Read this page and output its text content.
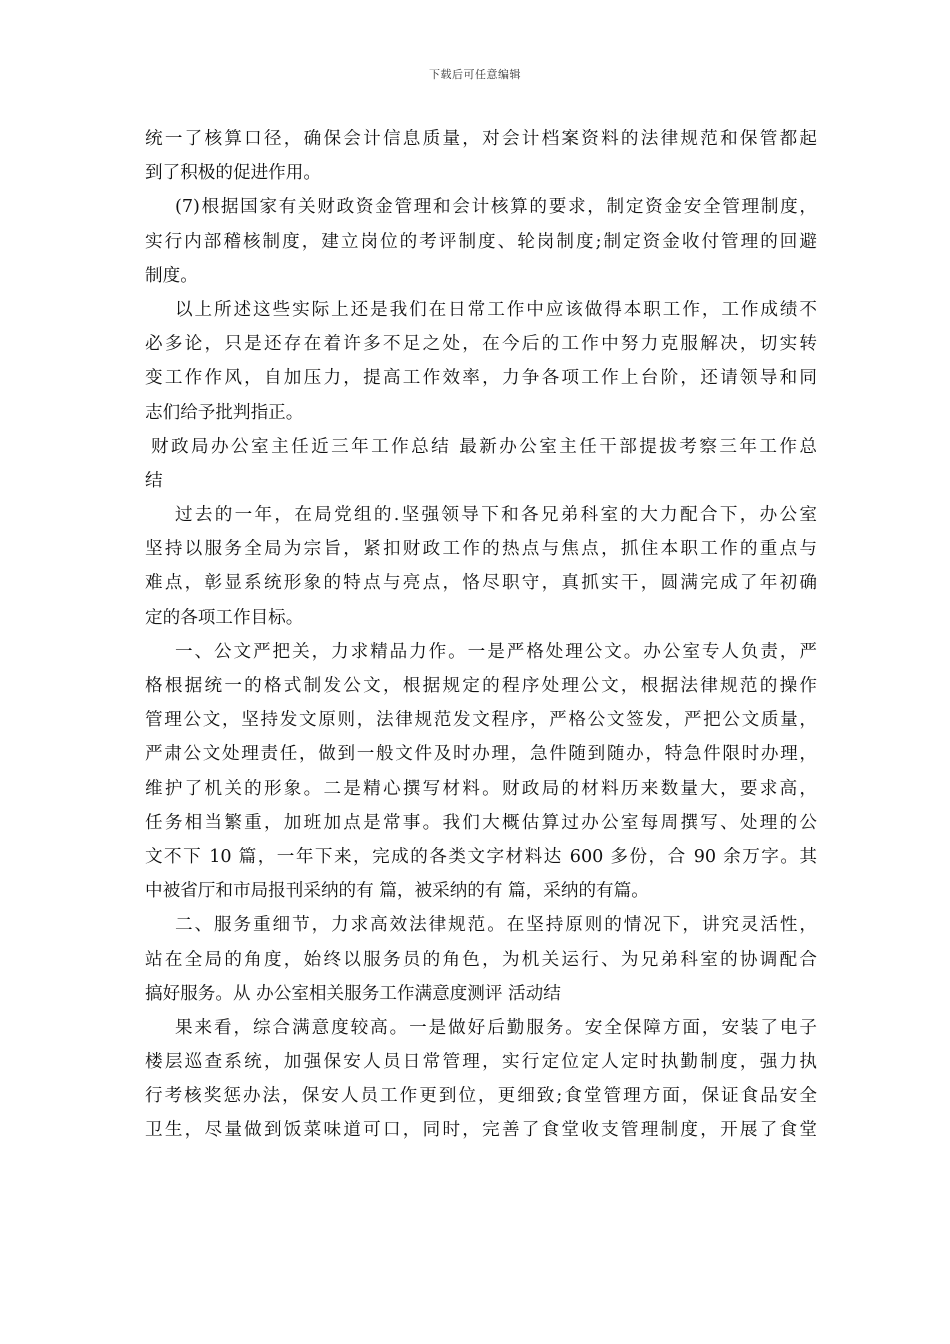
下载后可任意编辑
统一了核算口径，确保会计信息质量，对会计档案资料的法律规范和保管都起
到了积极的促进作用。
(7)根据国家有关财政资金管理和会计核算的要求，制定资金安全管理制度，
实行内部稽核制度，建立岗位的考评制度、轮岗制度;制定资金收付管理的回避
制度。
以上所述这些实际上还是我们在日常工作中应该做得本职工作，工作成绩不
必多论，只是还存在着许多不足之处，在今后的工作中努力克服解决，切实转
变工作作风，自加压力，提高工作效率，力争各项工作上台阶，还请领导和同
志们给予批判指正。
财政局办公室主任近三年工作总结 最新办公室主任干部提拔考察三年工作总
结
过去的一年，在局党组的.坚强领导下和各兄弟科室的大力配合下，办公室
坚持以服务全局为宗旨，紧扣财政工作的热点与焦点，抓住本职工作的重点与
难点，彰显系统形象的特点与亮点，恪尽职守，真抓实干，圆满完成了年初确
定的各项工作目标。
一、公文严把关，力求精品力作。一是严格处理公文。办公室专人负责，严
格根据统一的格式制发公文，根据规定的程序处理公文，根据法律规范的操作
管理公文，坚持发文原则，法律规范发文程序，严格公文签发，严把公文质量，
严肃公文处理责任，做到一般文件及时办理，急件随到随办，特急件限时办理，
维护了机关的形象。二是精心撰写材料。财政局的材料历来数量大，要求高，
任务相当繁重，加班加点是常事。我们大概估算过办公室每周撰写、处理的公
文不下 10 篇，一年下来，完成的各类文字材料达 600 多份，合 90 余万字。其
中被省厅和市局报刊采纳的有 篇，被采纳的有 篇，采纳的有篇。
二、服务重细节，力求高效法律规范。在坚持原则的情况下，讲究灵活性，
站在全局的角度，始终以服务员的角色，为机关运行、为兄弟科室的协调配合
搞好服务。从 办公室相关服务工作满意度测评 活动结
果来看，综合满意度较高。一是做好后勤服务。安全保障方面，安装了电子
楼层巡查系统，加强保安人员日常管理，实行定位定人定时执勤制度，强力执
行考核奖惩办法，保安人员工作更到位，更细致;食堂管理方面，保证食品安全
卫生，尽量做到饭菜味道可口，同时，完善了食堂收支管理制度，开展了食堂
